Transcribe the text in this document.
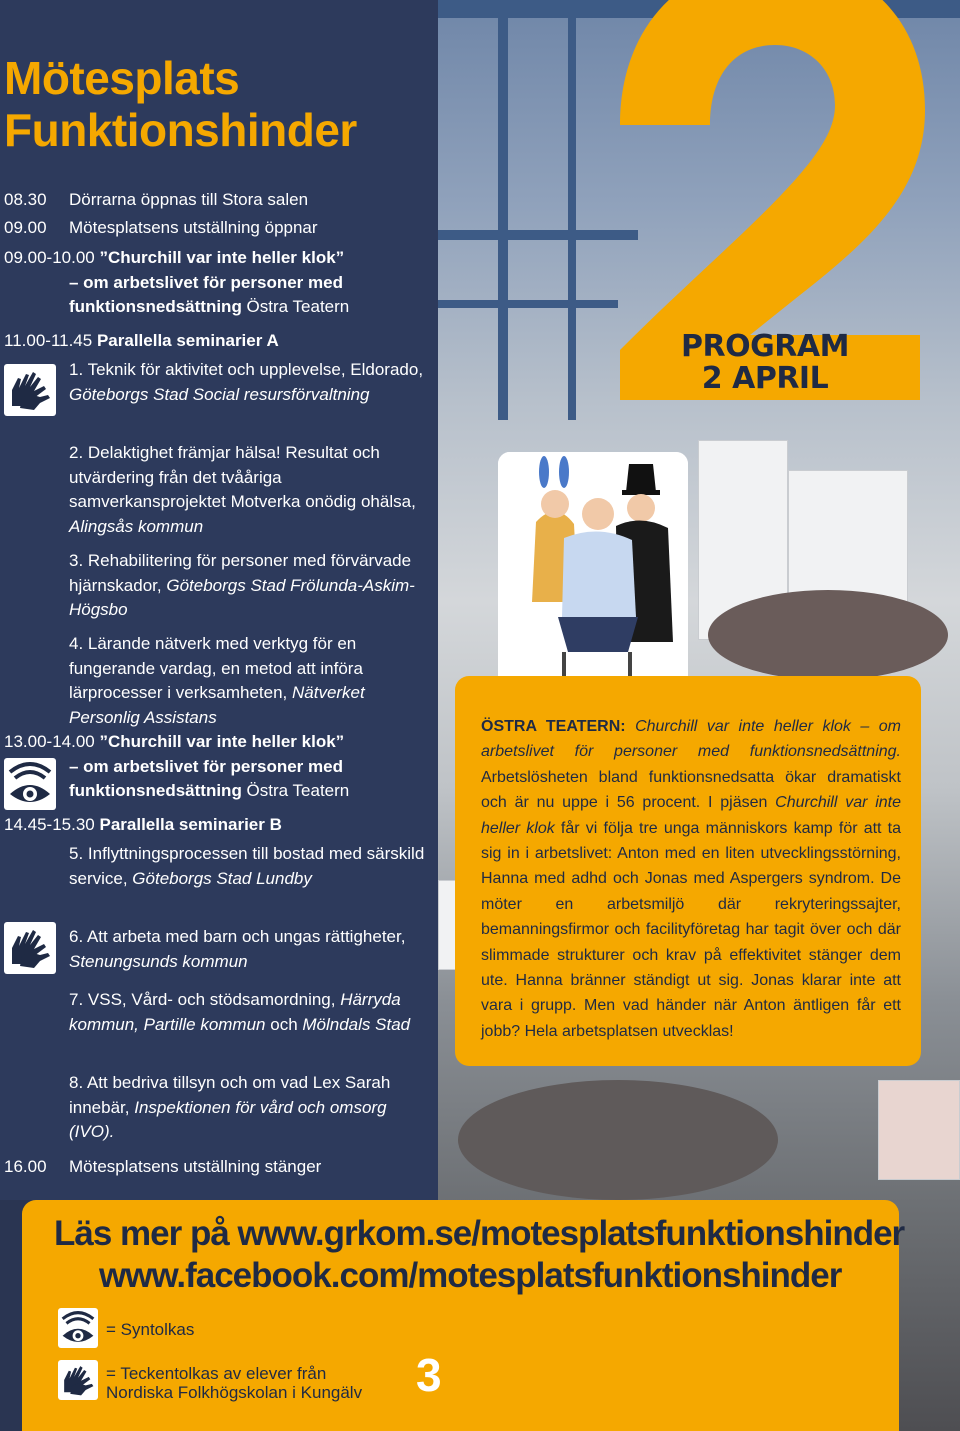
Mötesplats
Funktionshinder
08.30	Dörrarna öppnas till Stora salen
09.00	Mötesplatsens utställning öppnar
09.00-10.00 ”Churchill var inte heller klok”
– om arbetslivet för personer med
funktionsnedsättning Östra Teatern
11.00-11.45 Parallella seminarier A
1. Teknik för aktivitet och upplevelse, Eldorado, Göteborgs Stad Social resursförvaltning
2. Delaktighet främjar hälsa! Resultat och utvärdering från det tvååriga samverkansprojektet Motverka onödig ohälsa, Alingsås kommun
3. Rehabilitering för personer med förvärvade hjärnskador, Göteborgs Stad Frölunda-Askim-Högsbo
4. Lärande nätverk med verktyg för en fungerande vardag, en metod att införa lärprocesser i verksamheten, Nätverket Personlig Assistans
13.00-14.00 ”Churchill var inte heller klok”
– om arbetslivet för personer med
funktionsnedsättning Östra Teatern
14.45-15.30 Parallella seminarier B
5. Inflyttningsprocessen till bostad med särskild service, Göteborgs Stad Lundby
6. Att arbeta med barn och ungas rättigheter, Stenungsunds kommun
7. VSS, Vård- och stödsamordning, Härryda kommun, Partille kommun och Mölndals Stad
8. Att bedriva tillsyn och om vad Lex Sarah innebär, Inspektionen för vård och omsorg (IVO).
16.00	Mötesplatsens utställning stänger
PROGRAM
2 APRIL
ÖSTRA TEATERN: Churchill var inte heller klok – om arbetslivet för personer med funktionsnedsättning. Arbetslösheten bland funktionsnedsatta ökar dramatiskt och är nu uppe i 56 procent. I pjäsen Churchill var inte heller klok får vi följa tre unga människors kamp för att ta sig in i arbetslivet: Anton med en liten utvecklingsstörning, Hanna med adhd och Jonas med Aspergers syndrom. De möter en arbetsmiljö där rekryteringssajter, bemanningsfirmor och facilityföretag har tagit över och där slimmade strukturer och krav på effektivitet stänger dem ute. Hanna bränner ständigt ut sig. Jonas klarar inte att vara i grupp. Men vad händer när Anton äntligen får ett jobb? Hela arbetsplatsen utvecklas!
Läs mer på www.grkom.se/motesplatsfunktionshinder
www.facebook.com/motesplatsfunktionshinder
= Syntolkas
= Teckentolkas av elever från
Nordiska Folkhögskolan i Kungälv 3
